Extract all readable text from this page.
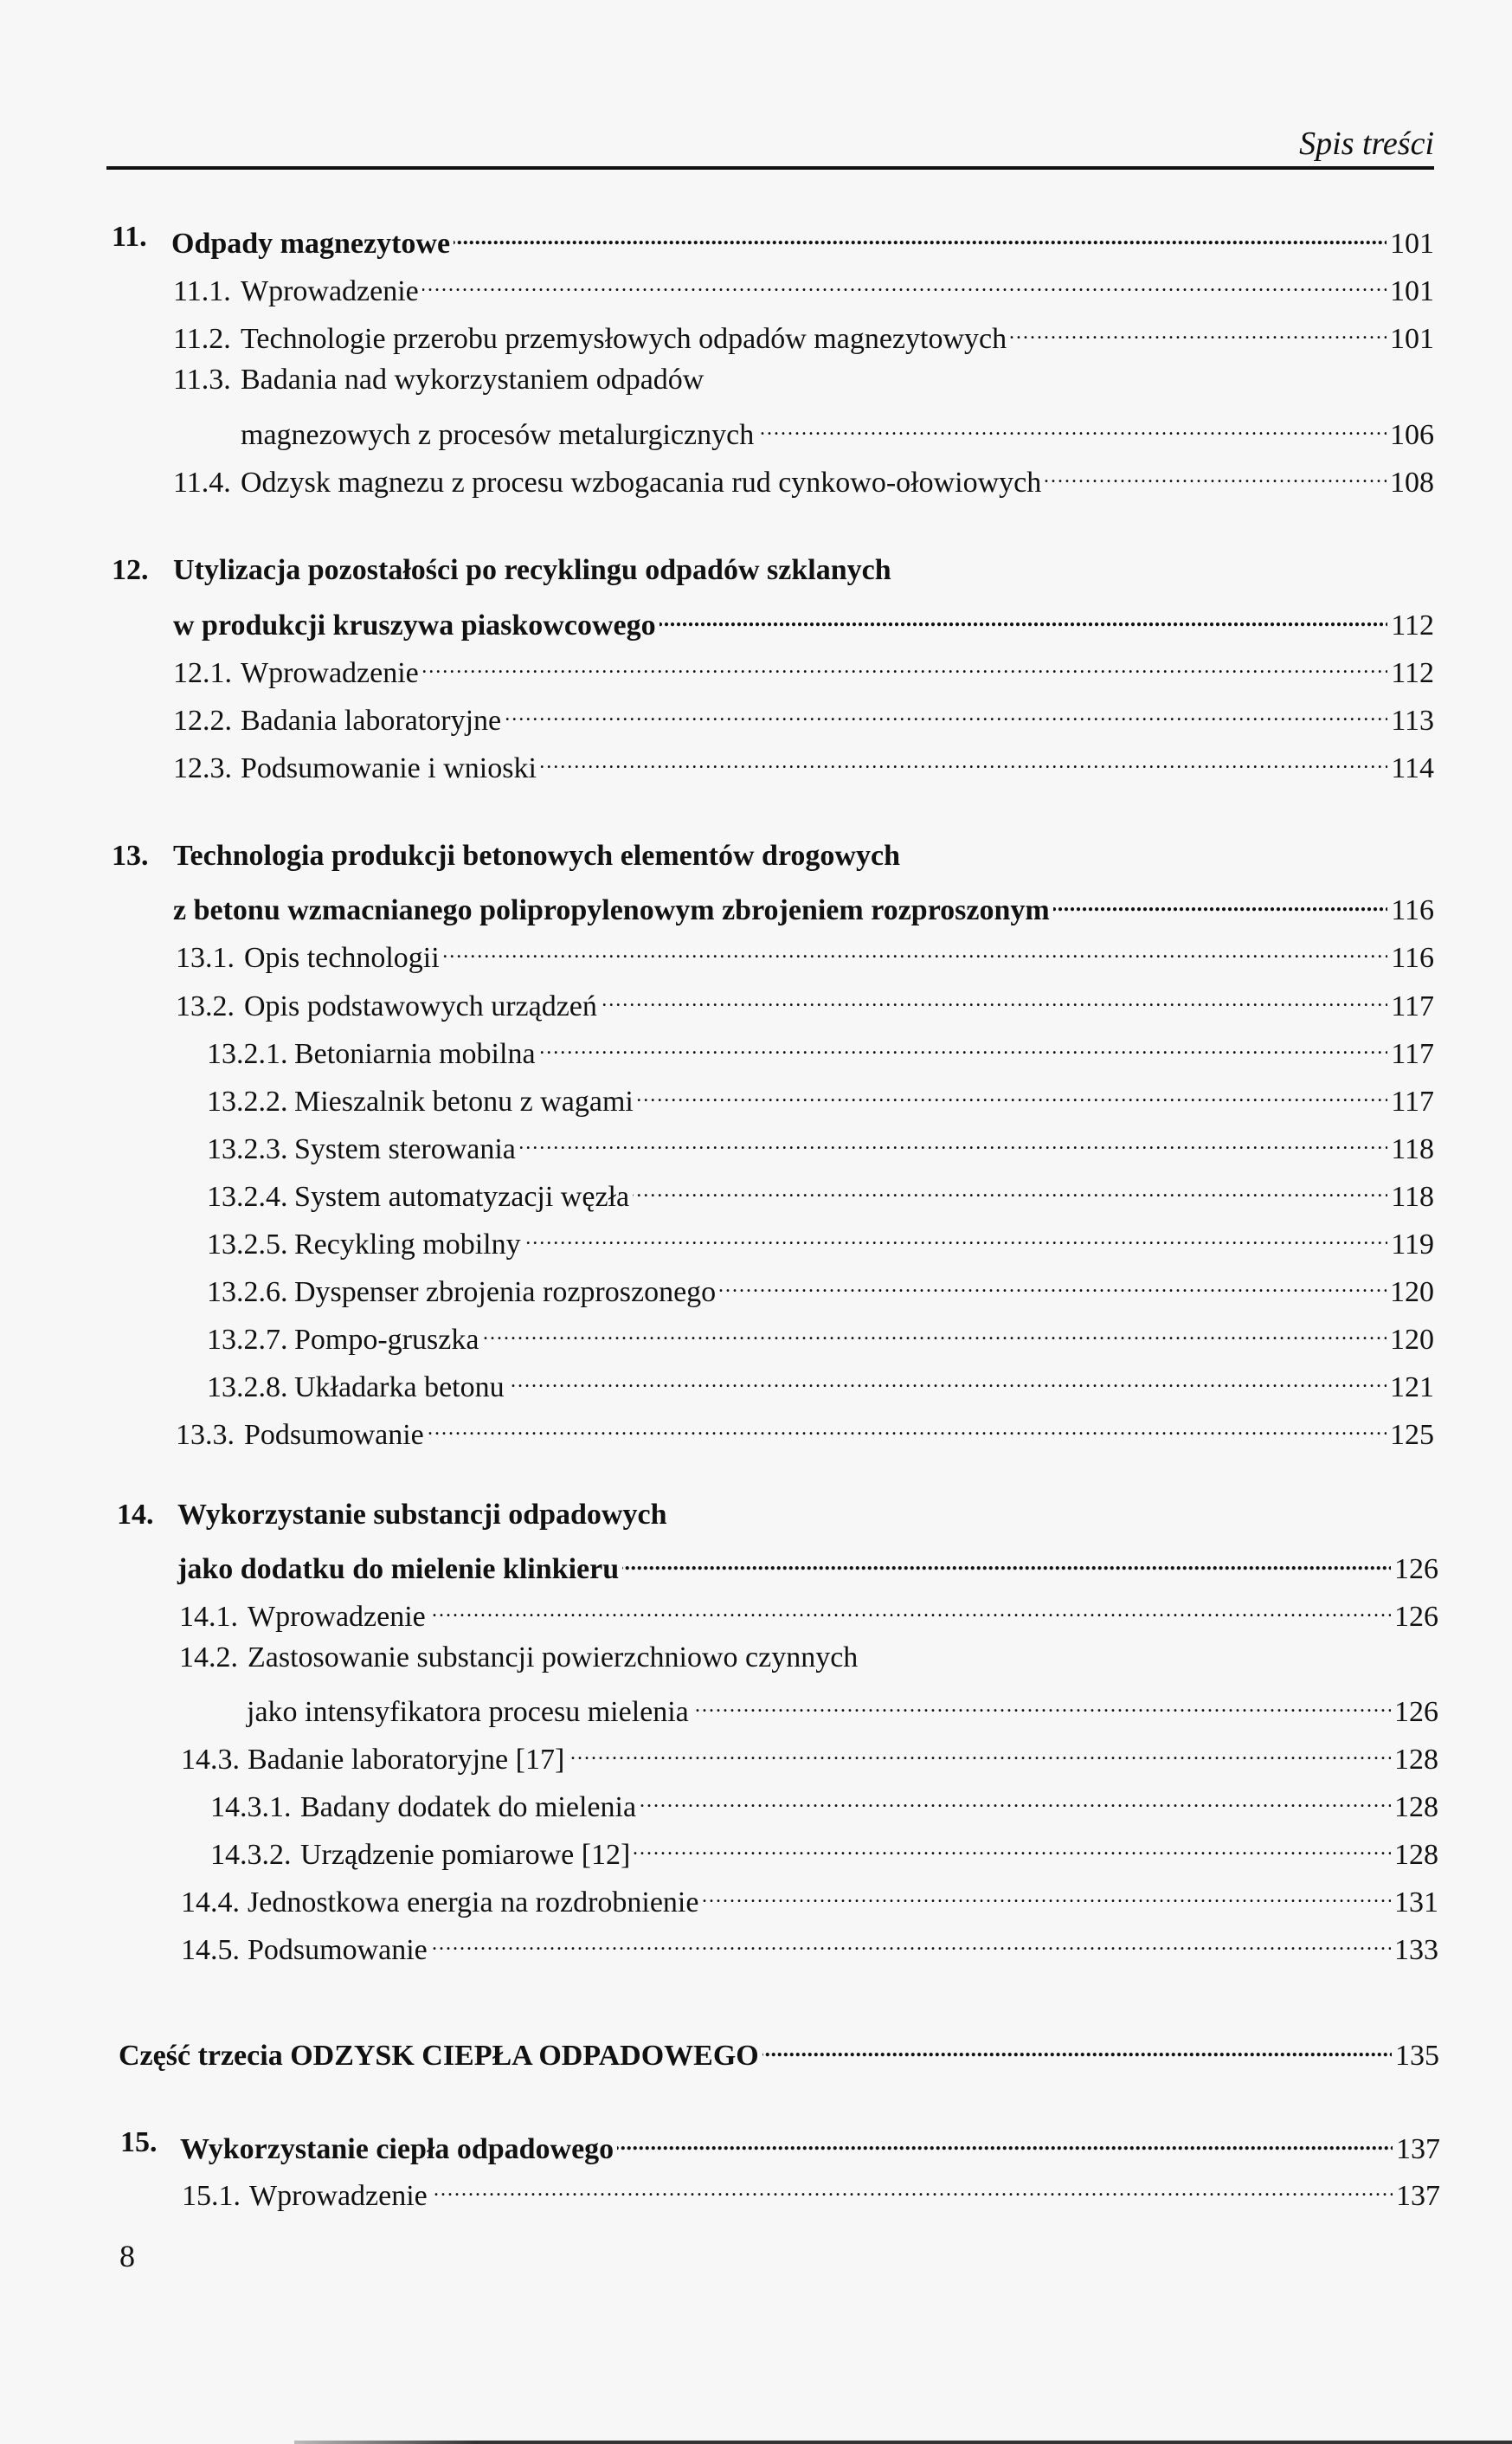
Spis treści
11. Odpady magnezytowe . . .	101
11.1. Wprowadzenie . . .	101
11.2. Technologie przerobu przemysłowych odpadów magnezytowych . . .	101
11.3. Badania nad wykorzystaniem odpadów
magnezowych z procesów metalurgicznych . . .	106
11.4. Odzysk magnezu z procesu wzbogacania rud cynkowo-ołowiowych . . .	108
12. Utylizacja pozostałości po recyklingu odpadów szklanych
w produkcji kruszywa piaskowcowego . . .	112
12.1. Wprowadzenie . . .	112
12.2. Badania laboratoryjne . . .	113
12.3. Podsumowanie i wnioski . . .	114
13. Technologia produkcji betonowych elementów drogowych
z betonu wzmacnianego polipropylenowym zbrojeniem rozproszonym . . .	116
13.1. Opis technologii . . .	116
13.2. Opis podstawowych urządzeń . . .	117
13.2.1. Betoniarnia mobilna . . .	117
13.2.2. Mieszalnik betonu z wagami . . .	117
13.2.3. System sterowania . . .	118
13.2.4. System automatyzacji węzła . . .	118
13.2.5. Recykling mobilny . . .	119
13.2.6. Dyspenser zbrojenia rozproszonego . . .	120
13.2.7. Pompo-gruszka . . .	120
13.2.8. Układarka betonu . . .	121
13.3. Podsumowanie . . .	125
14. Wykorzystanie substancji odpadowych
jako dodatku do mielenie klinkieru . . .	126
14.1. Wprowadzenie . . .	126
14.2. Zastosowanie substancji powierzchniowo czynnych
jako intensyfikatora procesu mielenia . . .	126
14.3. Badanie laboratoryjne [17] . . .	128
14.3.1. Badany dodatek do mielenia . . .	128
14.3.2. Urządzenie pomiarowe [12] . . .	128
14.4. Jednostkowa energia na rozdrobnienie . . .	131
14.5. Podsumowanie . . .	133
Część trzecia ODZYSK CIEPŁA ODPADOWEGO . . .	135
15. Wykorzystanie ciepła odpadowego . . .	137
15.1. Wprowadzenie . . .	137
8
